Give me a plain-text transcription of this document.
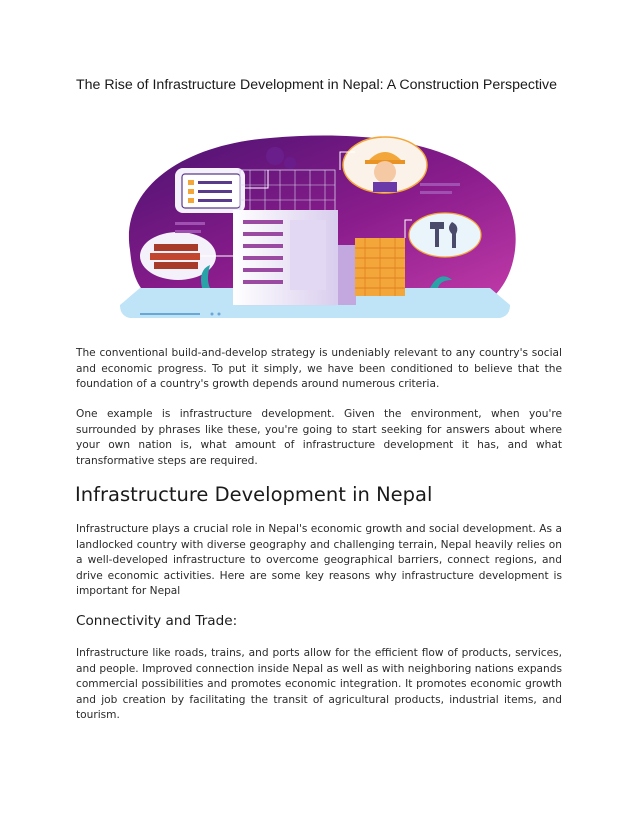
The Rise of Infrastructure Development in Nepal: A Construction Perspective

The conventional build-and-develop strategy is undeniably relevant to any country's social and economic progress. To put it simply, we have been conditioned to believe that the foundation of a country's growth depends around numerous criteria.

One example is infrastructure development. Given the environment, when you're surrounded by phrases like these, you're going to start seeking for answers about where your own nation is, what amount of infrastructure development it has, and what transformative steps are required.

Infrastructure Development in Nepal

Infrastructure plays a crucial role in Nepal's economic growth and social development. As a landlocked country with diverse geography and challenging terrain, Nepal heavily relies on a well-developed infrastructure to overcome geographical barriers, connect regions, and drive economic activities. Here are some key reasons why infrastructure development is important for Nepal

Connectivity and Trade:

Infrastructure like roads, trains, and ports allow for the efficient flow of products, services, and people. Improved connection inside Nepal as well as with neighboring nations expands commercial possibilities and promotes economic integration. It promotes economic growth and job creation by facilitating the transit of agricultural products, industrial items, and tourism.
